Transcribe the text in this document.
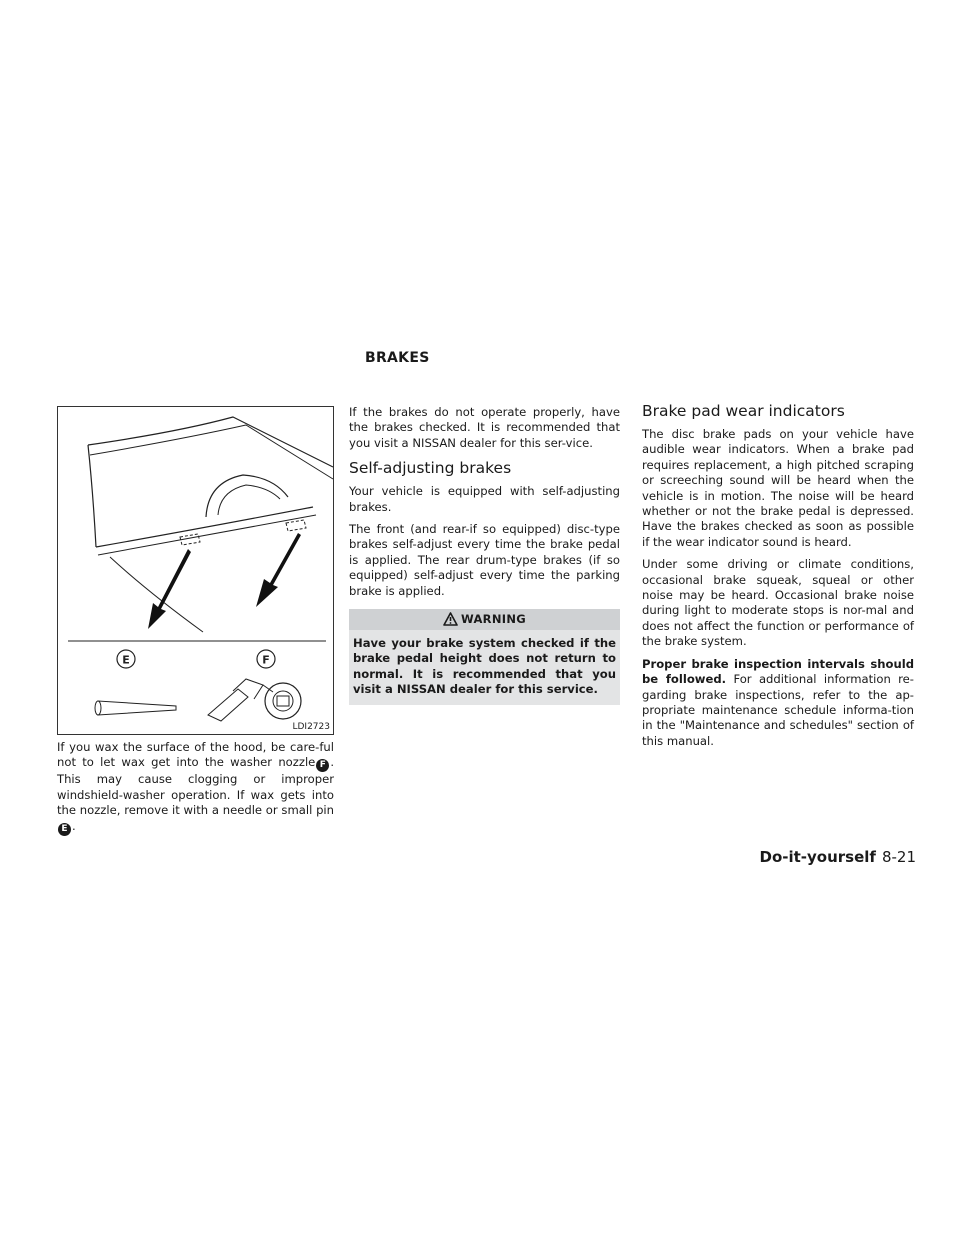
BRAKES
E	F
LDI2723

If you wax the surface of the hood, be care-ful not to let wax get into the washer nozzle F . This may cause clogging or improper windshield-washer operation. If wax gets into the nozzle, remove it with a needle or small pinE .

If the brakes do not operate properly, have the brakes checked. It is recommended that you visit a NISSAN dealer for this ser-vice.

Self-adjusting brakes

Your vehicle is equipped with self-adjusting brakes.

The front (and rear-if so equipped) disc-type brakes self-adjust every time the brake pedal is applied. The rear drum-type brakes (if so equipped) self-adjust every time the parking brake is applied.

WARNING
Have your brake system checked if the brake pedal height does not return to normal. It is recommended that you visit a NISSAN dealer for this service.
Brake pad wear indicators

The disc brake pads on your vehicle have audible wear indicators. When a brake pad requires replacement, a high pitched scraping or screeching sound will be heard when the vehicle is in motion. The noise will be heard whether or not the brake pedal is depressed. Have the brakes checked as soon as possible if the wear indicator sound is heard.

Under some driving or climate conditions, occasional brake squeak, squeal or other noise may be heard. Occasional brake noise during light to moderate stops is nor-mal and does not affect the function or performance of the brake system.

Proper brake inspection intervals should be followed. For additional information re-garding brake inspections, refer to the ap-propriate maintenance schedule informa-tion in the "Maintenance and schedules" section of this manual.

Do-it-yourself 8-21
